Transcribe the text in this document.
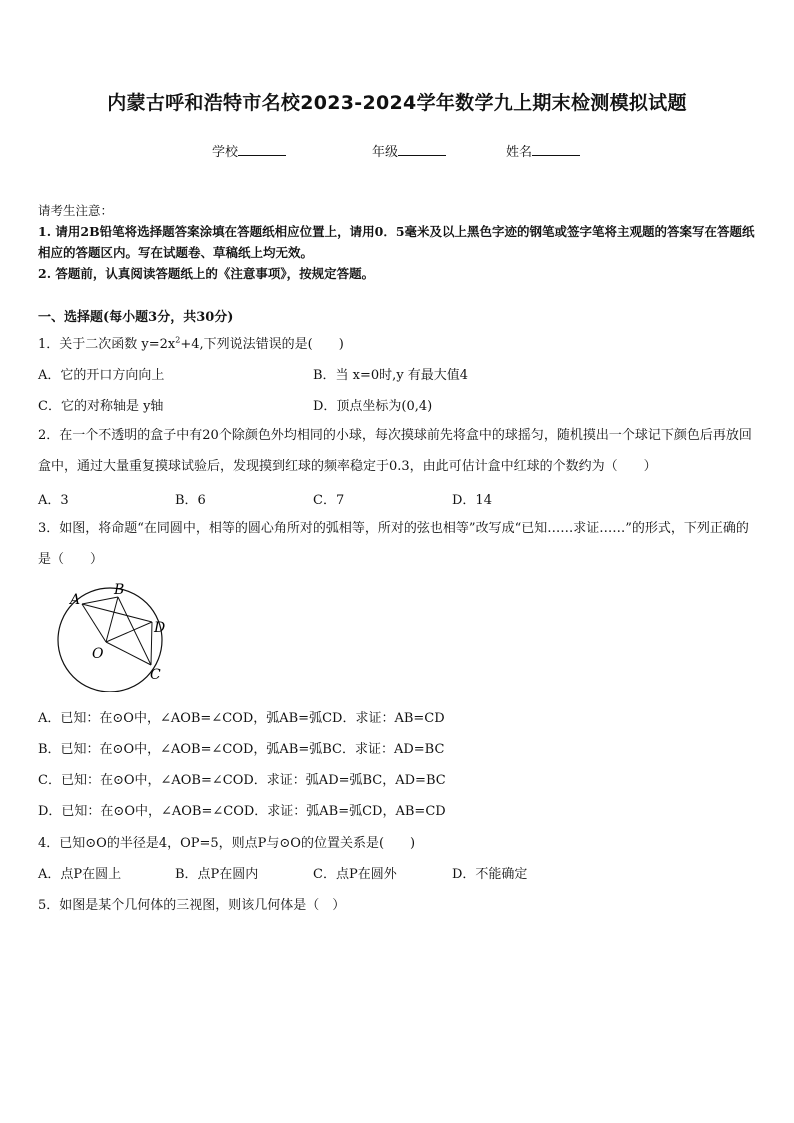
内蒙古呼和浩特市名校2023-2024学年数学九上期末检测模拟试题
学校	年级	姓名
请考生注意：
1. 请用2B铅笔将选择题答案涂填在答题纸相应位置上，请用0．5毫米及以上黑色字迹的钢笔或签字笔将主观题的答案写在答题纸相应的答题区内。写在试题卷、草稿纸上均无效。
2. 答题前，认真阅读答题纸上的《注意事项》，按规定答题。
一、选择题(每小题3分，共30分)
1．关于二次函数 $y=2x^2+4$,下列说法错误的是(　　)
A．它的开口方向向上	B．当 x=0时,y 有最大值4
C．它的对称轴是 y轴	D．顶点坐标为(0,4)
2．在一个不透明的盒子中有20个除颜色外均相同的小球，每次摸球前先将盒中的球摇匀，随机摸出一个球记下颜色后再放回盒中，通过大量重复摸球试验后，发现摸到红球的频率稳定于0.3，由此可估计盒中红球的个数约为（　　）
A．3	B．6	C．7	D．14
3．如图，将命题“在同圆中，相等的圆心角所对的弧相等，所对的弦也相等”改写成“已知……求证……”的形式，下列正确的是（　　）
A
B
D
O
C
A．已知：在⊙O中，∠AOB=∠COD，弧AB=弧CD．求证：AB=CD
B．已知：在⊙O中，∠AOB=∠COD，弧AB=弧BC．求证：AD=BC
C．已知：在⊙O中，∠AOB=∠COD．求证：弧AD=弧BC，AD=BC
D．已知：在⊙O中，∠AOB=∠COD．求证：弧AB=弧CD，AB=CD
4．已知⊙O的半径是4，OP=5，则点P与⊙O的位置关系是(　　)
A．点P在圆上	B．点P在圆内	C．点P在圆外	D．不能确定
5．如图是某个几何体的三视图，则该几何体是（　）
